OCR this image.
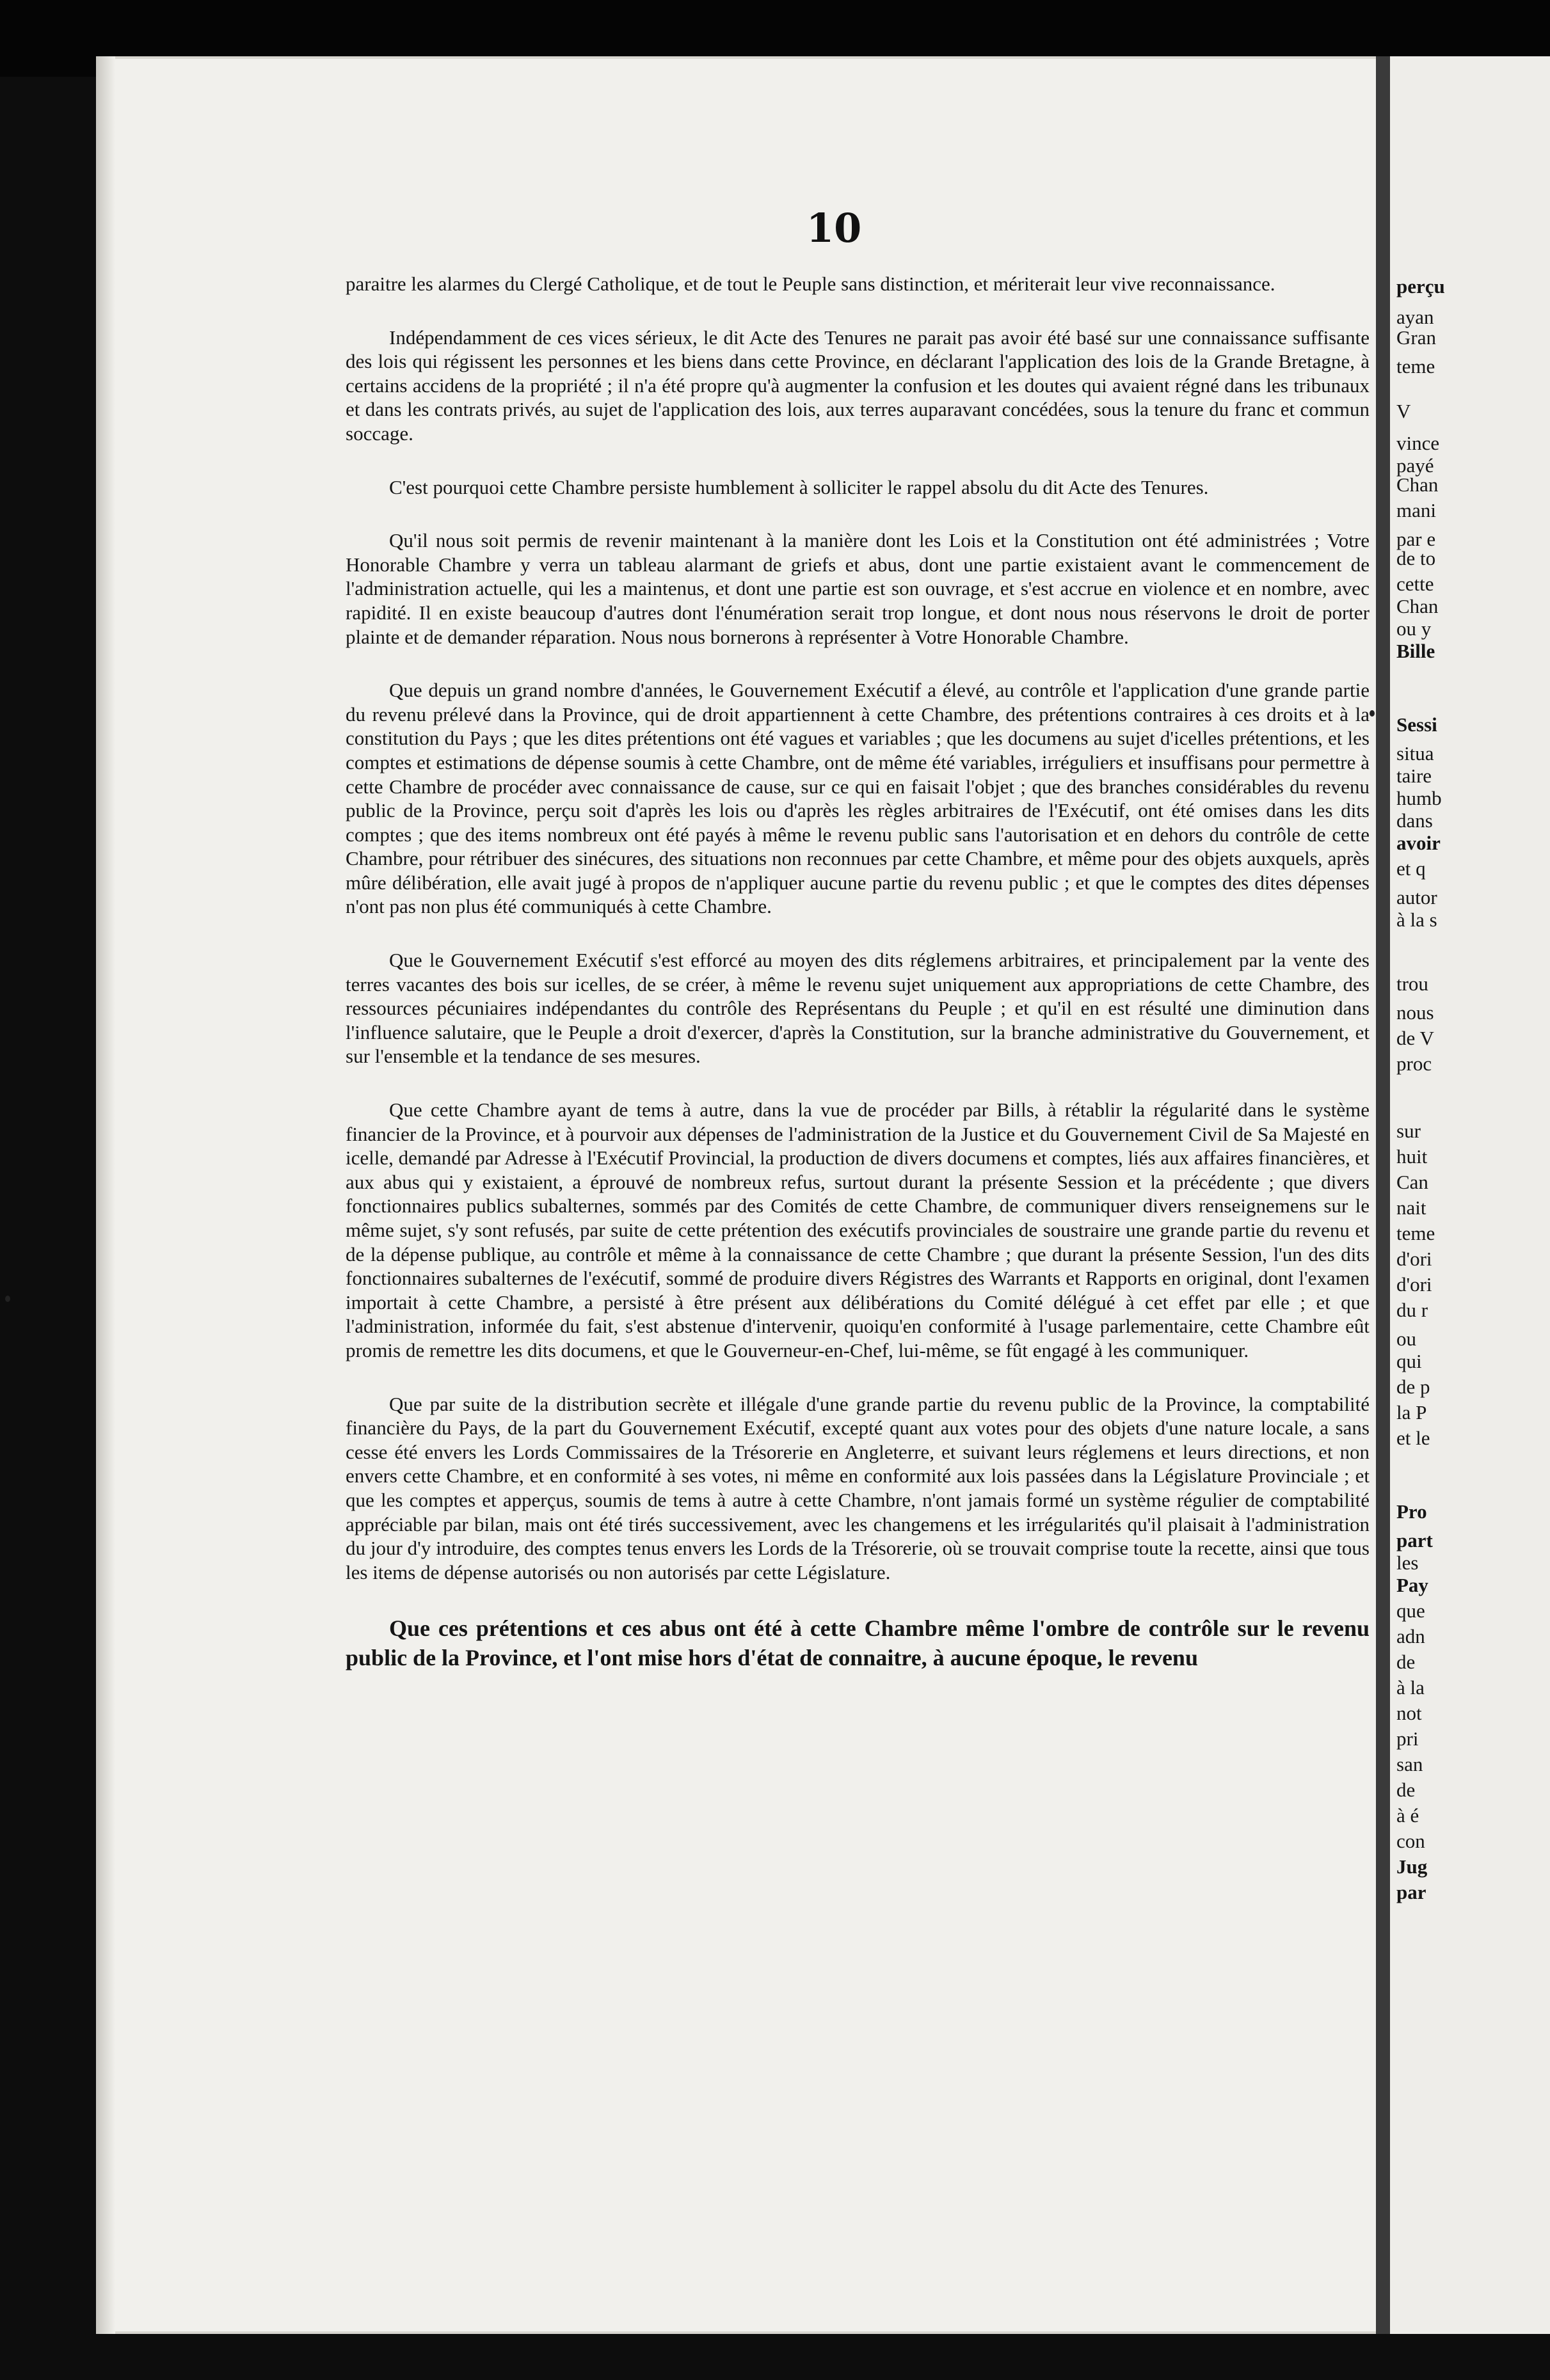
10

paraitre les alarmes du Clergé Catholique, et de tout le Peuple sans distinction, et mériterait leur vive reconnaissance.

Indépendamment de ces vices sérieux, le dit Acte des Tenures ne parait pas avoir été basé sur une connaissance suffisante des lois qui régissent les personnes et les biens dans cette Province, en déclarant l'application des lois de la Grande Bretagne, à certains accidens de la propriété ; il n'a été propre qu'à augmenter la confusion et les doutes qui avaient régné dans les tribunaux et dans les contrats privés, au sujet de l'application des lois, aux terres auparavant concédées, sous la tenure du franc et commun soccage.

C'est pourquoi cette Chambre persiste humblement à solliciter le rappel absolu du dit Acte des Tenures.

Qu'il nous soit permis de revenir maintenant à la manière dont les Lois et la Constitution ont été administrées ; Votre Honorable Chambre y verra un tableau alarmant de griefs et abus, dont une partie existaient avant le commencement de l'administration actuelle, qui les a maintenus, et dont une partie est son ouvrage, et s'est accrue en violence et en nombre, avec rapidité. Il en existe beaucoup d'autres dont l'énumération serait trop longue, et dont nous nous réservons le droit de porter plainte et de demander réparation. Nous nous bornerons à représenter à Votre Honorable Chambre.

Que depuis un grand nombre d'années, le Gouvernement Exécutif a élevé, au contrôle et l'application d'une grande partie du revenu prélevé dans la Province, qui de droit appartiennent à cette Chambre, des prétentions contraires à ces droits et à la constitution du Pays ; que les dites prétentions ont été vagues et variables ; que les documens au sujet d'icelles prétentions, et les comptes et estimations de dépense soumis à cette Chambre, ont de même été variables, irréguliers et insuffisans pour permettre à cette Chambre de procéder avec connaissance de cause, sur ce qui en faisait l'objet ; que des branches considérables du revenu public de la Province, perçu soit d'après les lois ou d'après les règles arbitraires de l'Exécutif, ont été omises dans les dits comptes ; que des items nombreux ont été payés à même le revenu public sans l'autorisation et en dehors du contrôle de cette Chambre, pour rétribuer des sinécures, des situations non reconnues par cette Chambre, et même pour des objets auxquels, après mûre délibération, elle avait jugé à propos de n'appliquer aucune partie du revenu public ; et que le comptes des dites dépenses n'ont pas non plus été communiqués à cette Chambre.

Que le Gouvernement Exécutif s'est efforcé au moyen des dits réglemens arbitraires, et principalement par la vente des terres vacantes des bois sur icelles, de se créer, à même le revenu sujet uniquement aux appropriations de cette Chambre, des ressources pécuniaires indépendantes du contrôle des Représentans du Peuple ; et qu'il en est résulté une diminution dans l'influence salutaire, que le Peuple a droit d'exercer, d'après la Constitution, sur la branche administrative du Gouvernement, et sur l'ensemble et la tendance de ses mesures.

Que cette Chambre ayant de tems à autre, dans la vue de procéder par Bills, à rétablir la régularité dans le système financier de la Province, et à pourvoir aux dépenses de l'administration de la Justice et du Gouvernement Civil de Sa Majesté en icelle, demandé par Adresse à l'Exécutif Provincial, la production de divers documens et comptes, liés aux affaires financières, et aux abus qui y existaient, a éprouvé de nombreux refus, surtout durant la présente Session et la précédente ; que divers fonctionnaires publics subalternes, sommés par des Comités de cette Chambre, de communiquer divers renseignemens sur le même sujet, s'y sont refusés, par suite de cette prétention des exécutifs provinciales de soustraire une grande partie du revenu et de la dépense publique, au contrôle et même à la connaissance de cette Chambre ; que durant la présente Session, l'un des dits fonctionnaires subalternes de l'exécutif, sommé de produire divers Régistres des Warrants et Rapports en original, dont l'examen importait à cette Chambre, a persisté à être présent aux délibérations du Comité délégué à cet effet par elle ; et que l'administration, informée du fait, s'est abstenue d'intervenir, quoiqu'en conformité à l'usage parlementaire, cette Chambre eût promis de remettre les dits documens, et que le Gouverneur-en-Chef, lui-même, se fût engagé à les communiquer.

Que par suite de la distribution secrète et illégale d'une grande partie du revenu public de la Province, la comptabilité financière du Pays, de la part du Gouvernement Exécutif, excepté quant aux votes pour des objets d'une nature locale, a sans cesse été envers les Lords Commissaires de la Trésorerie en Angleterre, et suivant leurs réglemens et leurs directions, et non envers cette Chambre, et en conformité à ses votes, ni même en conformité aux lois passées dans la Législature Provinciale ; et que les comptes et apperçus, soumis de tems à autre à cette Chambre, n'ont jamais formé un système régulier de comptabilité appréciable par bilan, mais ont été tirés successivement, avec les changemens et les irrégularités qu'il plaisait à l'administration du jour d'y introduire, des comptes tenus envers les Lords de la Trésorerie, où se trouvait comprise toute la recette, ainsi que tous les items de dépense autorisés ou non autorisés par cette Législature.

Que ces prétentions et ces abus ont été à cette Chambre même l'ombre de contrôle sur le revenu public de la Province, et l'ont mise hors d'état de connaitre, à aucune époque, le revenu

perçu
ayan
Gran
teme
V
vince
payé
Chan
mani
par e
de to
cette
Chan
ou y
Bille
Sessi
situa
taire
humb
dans
avoir
et q
autor
à la s
trou
nous
de V
proc
sur
huit
Can
nait
teme
d'ori
d'ori
du r
ou
qui
de p
la P
et le
Pro
part
les
Pay
que
adn
de
à la
not
pri
san
de
à é
con
Jug
par
